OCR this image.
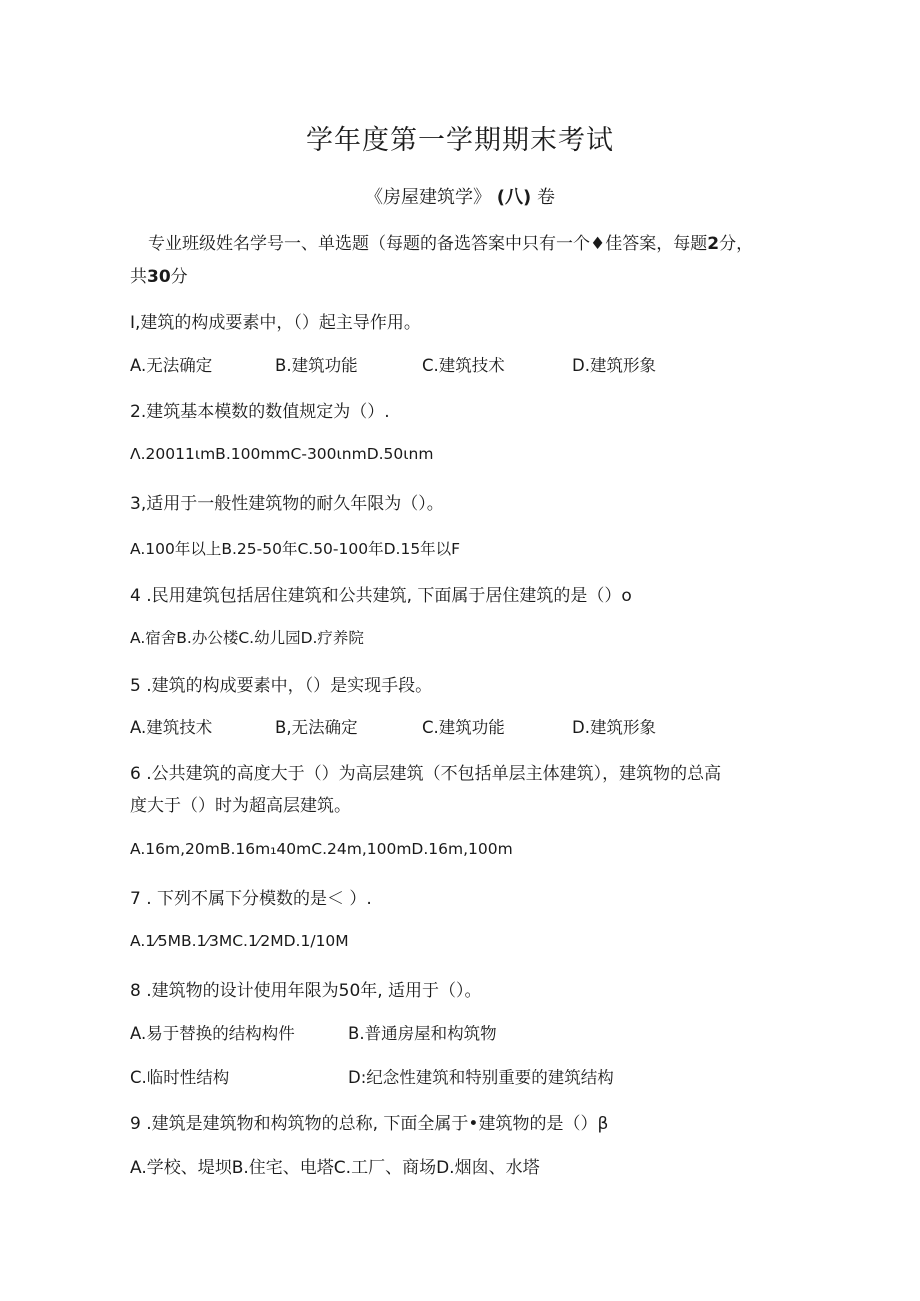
学年度第一学期期末考试
《房屋建筑学》 (八) 卷
专业班级姓名学号一、单选题（每题的备选答案中只有一个♦佳答案，每题2分，
共30分
I,建筑的构成要素中，（）起主导作用。
A.无法确定	B.建筑功能	C.建筑技术	D.建筑形象
2.建筑基本模数的数值规定为（）.
Λ.20011ιmB.100mmC-300ιnmD.50ιnm
3,适用于一般性建筑物的耐久年限为（）。
A.100年以上B.25-50年C.50-100年D.15年以F
4 .民用建筑包括居住建筑和公共建筑, 下面属于居住建筑的是（）o
A.宿舍B.办公楼C.幼儿园D.疗养院
5 .建筑的构成要素中，（）是实现手段。
A.建筑技术	B,无法确定	C.建筑功能	D.建筑形象
6 .公共建筑的高度大于（）为高层建筑（不包括单层主体建筑），建筑物的总高
度大于（）时为超高层建筑。
A.16m,20mB.16m₁40mC.24m,100mD.16m,100m
7 . 下列不属下分模数的是＜ ）.
A.1⁄5MB.1⁄3MC.1⁄2MD.1/10M
8 .建筑物的设计使用年限为50年, 适用于（）。
A.易于替换的结构构件	B.普通房屋和构筑物
C.临时性结构	D:纪念性建筑和特别重要的建筑结构
9 .建筑是建筑物和构筑物的总称, 下面全属于•建筑物的是（）β
A.学校、堤坝B.住宅、电塔C.工厂、商场D.烟囱、水塔
